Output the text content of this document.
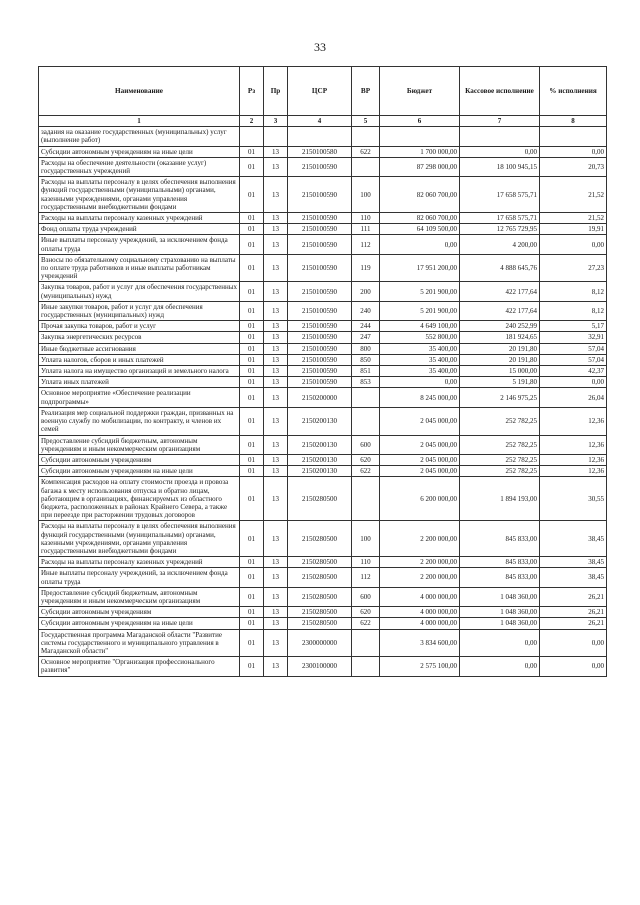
33
Наименование	Рз	Пр	ЦСР	ВР	Бюджет	Кассовое исполнение	% исполнения
1	2	3	4	5	6	7	8
задания на оказание государственных (муниципальных) услуг (выполнение работ)							
Субсидии автономным учреждениям на иные цели	01	13	2150100580	622	1 700 000,00	0,00	0,00
Расходы на обеспечение деятельности (оказание услуг) государственных учреждений	01	13	2150100590		87 298 000,00	18 100 945,15	20,73
Расходы на выплаты персоналу в целях обеспечения выполнения функций государственными (муниципальными) органами, казенными учреждениями, органами управления государственными внебюджетными фондами	01	13	2150100590	100	82 060 700,00	17 658 575,71	21,52
Расходы на выплаты персоналу казенных учреждений	01	13	2150100590	110	82 060 700,00	17 658 575,71	21,52
Фонд оплаты труда учреждений	01	13	2150100590	111	64 109 500,00	12 765 729,95	19,91
Иные выплаты персоналу учреждений, за исключением фонда оплаты труда	01	13	2150100590	112	0,00	4 200,00	0,00
Взносы по обязательному социальному страхованию на выплаты по оплате труда работников и иные выплаты работникам учреждений	01	13	2150100590	119	17 951 200,00	4 888 645,76	27,23
Закупка товаров, работ и услуг для обеспечения государственных (муниципальных) нужд	01	13	2150100590	200	5 201 900,00	422 177,64	8,12
Иные закупки товаров, работ и услуг для обеспечения государственных (муниципальных) нужд	01	13	2150100590	240	5 201 900,00	422 177,64	8,12
Прочая закупка товаров, работ и услуг	01	13	2150100590	244	4 649 100,00	240 252,99	5,17
Закупка энергетических ресурсов	01	13	2150100590	247	552 800,00	181 924,65	32,91
Иные бюджетные ассигнования	01	13	2150100590	800	35 400,00	20 191,80	57,04
Уплата налогов, сборов и иных платежей	01	13	2150100590	850	35 400,00	20 191,80	57,04
Уплата налога на имущество организаций и земельного налога	01	13	2150100590	851	35 400,00	15 000,00	42,37
Уплата иных платежей	01	13	2150100590	853	0,00	5 191,80	0,00
Основное мероприятие «Обеспечение реализации подпрограммы»	01	13	2150200000		8 245 000,00	2 146 975,25	26,04
Реализация мер социальной поддержки граждан, призванных на военную службу по мобилизации, по контракту, и членов их семей	01	13	2150200130		2 045 000,00	252 782,25	12,36
Предоставление субсидий бюджетным, автономным учреждениям и иным некоммерческим организациям	01	13	2150200130	600	2 045 000,00	252 782,25	12,36
Субсидии автономным учреждениям	01	13	2150200130	620	2 045 000,00	252 782,25	12,36
Субсидии автономным учреждениям на иные цели	01	13	2150200130	622	2 045 000,00	252 782,25	12,36
Компенсация расходов на оплату стоимости проезда и провоза багажа к месту использования отпуска и обратно лицам, работающим в организациях, финансируемых из областного бюджета, расположенных в районах Крайнего Севера, а также при переезде при расторжении трудовых договоров	01	13	2150280500		6 200 000,00	1 894 193,00	30,55
Расходы на выплаты персоналу в целях обеспечения выполнения функций государственными (муниципальными) органами, казенными учреждениями, органами управления государственными внебюджетными фондами	01	13	2150280500	100	2 200 000,00	845 833,00	38,45
Расходы на выплаты персоналу казенных учреждений	01	13	2150280500	110	2 200 000,00	845 833,00	38,45
Иные выплаты персоналу учреждений, за исключением фонда оплаты труда	01	13	2150280500	112	2 200 000,00	845 833,00	38,45
Предоставление субсидий бюджетным, автономным учреждениям и иным некоммерческим организациям	01	13	2150280500	600	4 000 000,00	1 048 360,00	26,21
Субсидии автономным учреждениям	01	13	2150280500	620	4 000 000,00	1 048 360,00	26,21
Субсидии автономным учреждениям на иные цели	01	13	2150280500	622	4 000 000,00	1 048 360,00	26,21
Государственная программа Магаданской области "Развитие системы государственного и муниципального управления в Магаданской области"	01	13	2300000000		3 834 600,00	0,00	0,00
Основное мероприятие "Организация профессионального развития"	01	13	2300100000		2 575 100,00	0,00	0,00
